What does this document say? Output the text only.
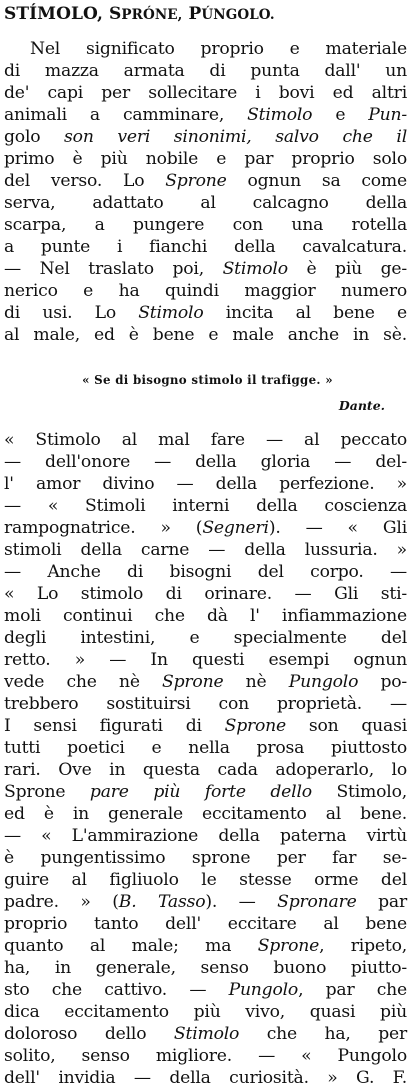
STÍMOLO, SPRÓNE, PÚNGOLO.
Nel significato proprio e materiale
di mazza armata di punta dall' un
de' capi per sollecitare i bovi ed altri
animali a camminare, Stimolo e Pun-
golo son veri sinonimi, salvo che il
primo è più nobile e par proprio solo
del verso. Lo Sprone ognun sa come
serva, adattato al calcagno della
scarpa, a pungere con una rotella
a punte i fianchi della cavalcatura.
— Nel traslato poi, Stimolo è più ge-
nerico e ha quindi maggior numero
di usi. Lo Stimolo incita al bene e
al male, ed è bene e male anche in sè.
« Se di bisogno stimolo il trafigge. »
Dante.
« Stimolo al mal fare — al peccato
— dell'onore — della gloria — del-
l' amor divino — della perfezione. »
— « Stimoli interni della coscienza
rampognatrice. » (Segneri). — « Gli
stimoli della carne — della lussuria. »
— Anche di bisogni del corpo. —
« Lo stimolo di orinare. — Gli sti-
moli continui che dà l' infiammazione
degli intestini, e specialmente del
retto. » — In questi esempi ognun
vede che nè Sprone nè Pungolo po-
trebbero sostituirsi con proprietà. —
I sensi figurati di Sprone son quasi
tutti poetici e nella prosa piuttosto
rari. Ove in questa cada adoperarlo, lo
Sprone pare più forte dello Stimolo,
ed è in generale eccitamento al bene.
— « L'ammirazione della paterna virtù
è pungentissimo sprone per far se-
guire al figliuolo le stesse orme del
padre. » (B. Tasso). — Spronare par
proprio tanto dell' eccitare al bene
quanto al male; ma Sprone, ripeto,
ha, in generale, senso buono piutto-
sto che cattivo. — Pungolo, par che
dica eccitamento più vivo, quasi più
doloroso dello Stimolo che ha, per
solito, senso migliore. — « Pungolo
dell' invidia — della curiosità. » G. F.
